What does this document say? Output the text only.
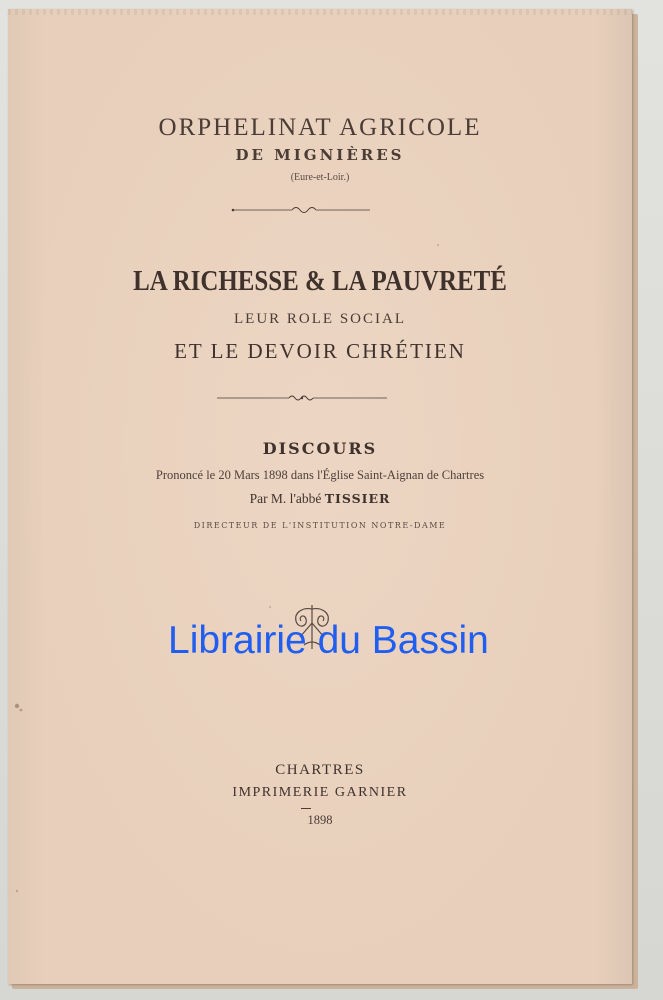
ORPHELINAT AGRICOLE
DE MIGNIÈRES
(Eure-et-Loir.)
LA RICHESSE & LA PAUVRETÉ
LEUR ROLE SOCIAL
ET LE DEVOIR CHRÉTIEN
DISCOURS
Prononcé le 20 Mars 1898 dans l'Église Saint-Aignan de Chartres
Par M. l'abbé TISSIER
DIRECTEUR DE L'INSTITUTION NOTRE-DAME
Librairie du Bassin
CHARTRES
IMPRIMERIE GARNIER
1898
